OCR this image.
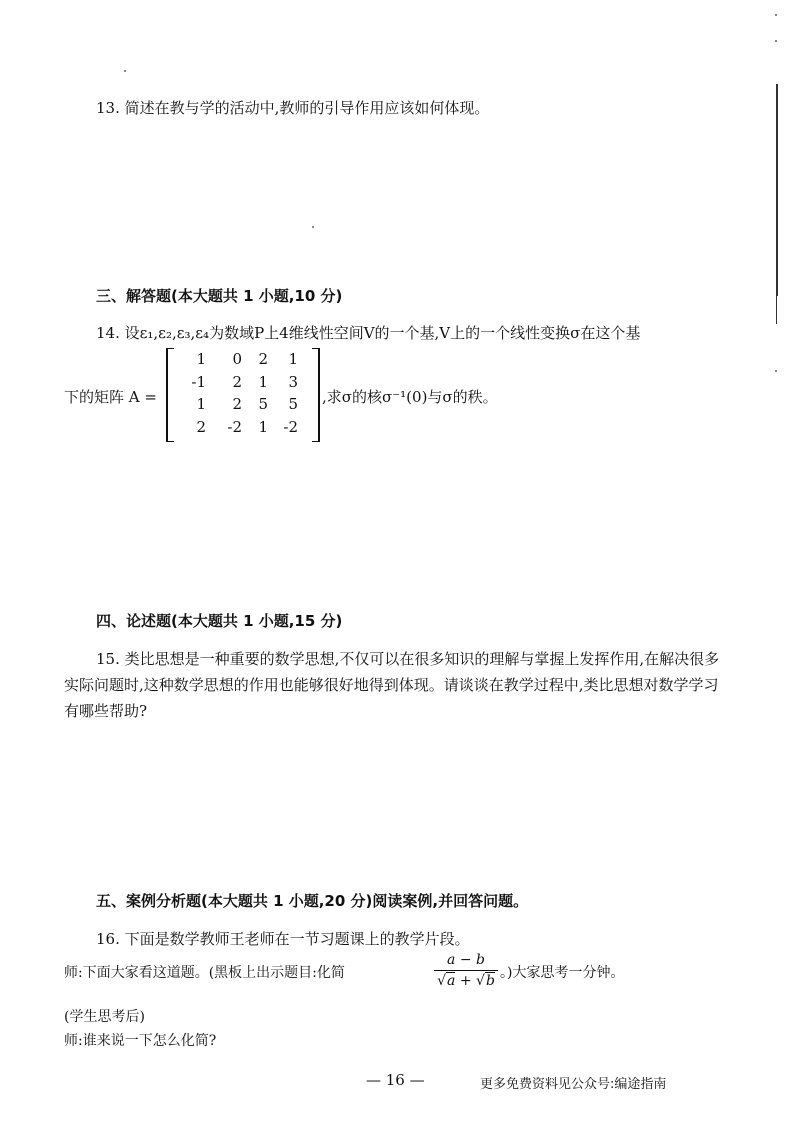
13. 简述在教与学的活动中,教师的引导作用应该如何体现。
三、解答题(本大题共 1 小题,10 分)
14. 设ε₁,ε₂,ε₃,ε₄为数域P上4维线性空间V的一个基,V上的一个线性变换σ在这个基
下的矩阵 A =
1	0	2	1
-1	2	1	3
1	2	5	5
2	-2	1	-2
,求σ的核σ⁻¹(0)与σ的秩。
四、论述题(本大题共 1 小题,15 分)
15. 类比思想是一种重要的数学思想,不仅可以在很多知识的理解与掌握上发挥作用,在解决很多实际问题时,这种数学思想的作用也能够很好地得到体现。请谈谈在教学过程中,类比思想对数学学习有哪些帮助?
五、案例分析题(本大题共 1 小题,20 分)阅读案例,并回答问题。
16. 下面是数学教师王老师在一节习题课上的教学片段。
师:下面大家看这道题。(黑板上出示题目:化简
a − b
√a + √b 。)大家思考一分钟。
(学生思考后)
师:谁来说一下怎么化简?
— 16 —	更多免费资料见公众号:编途指南
